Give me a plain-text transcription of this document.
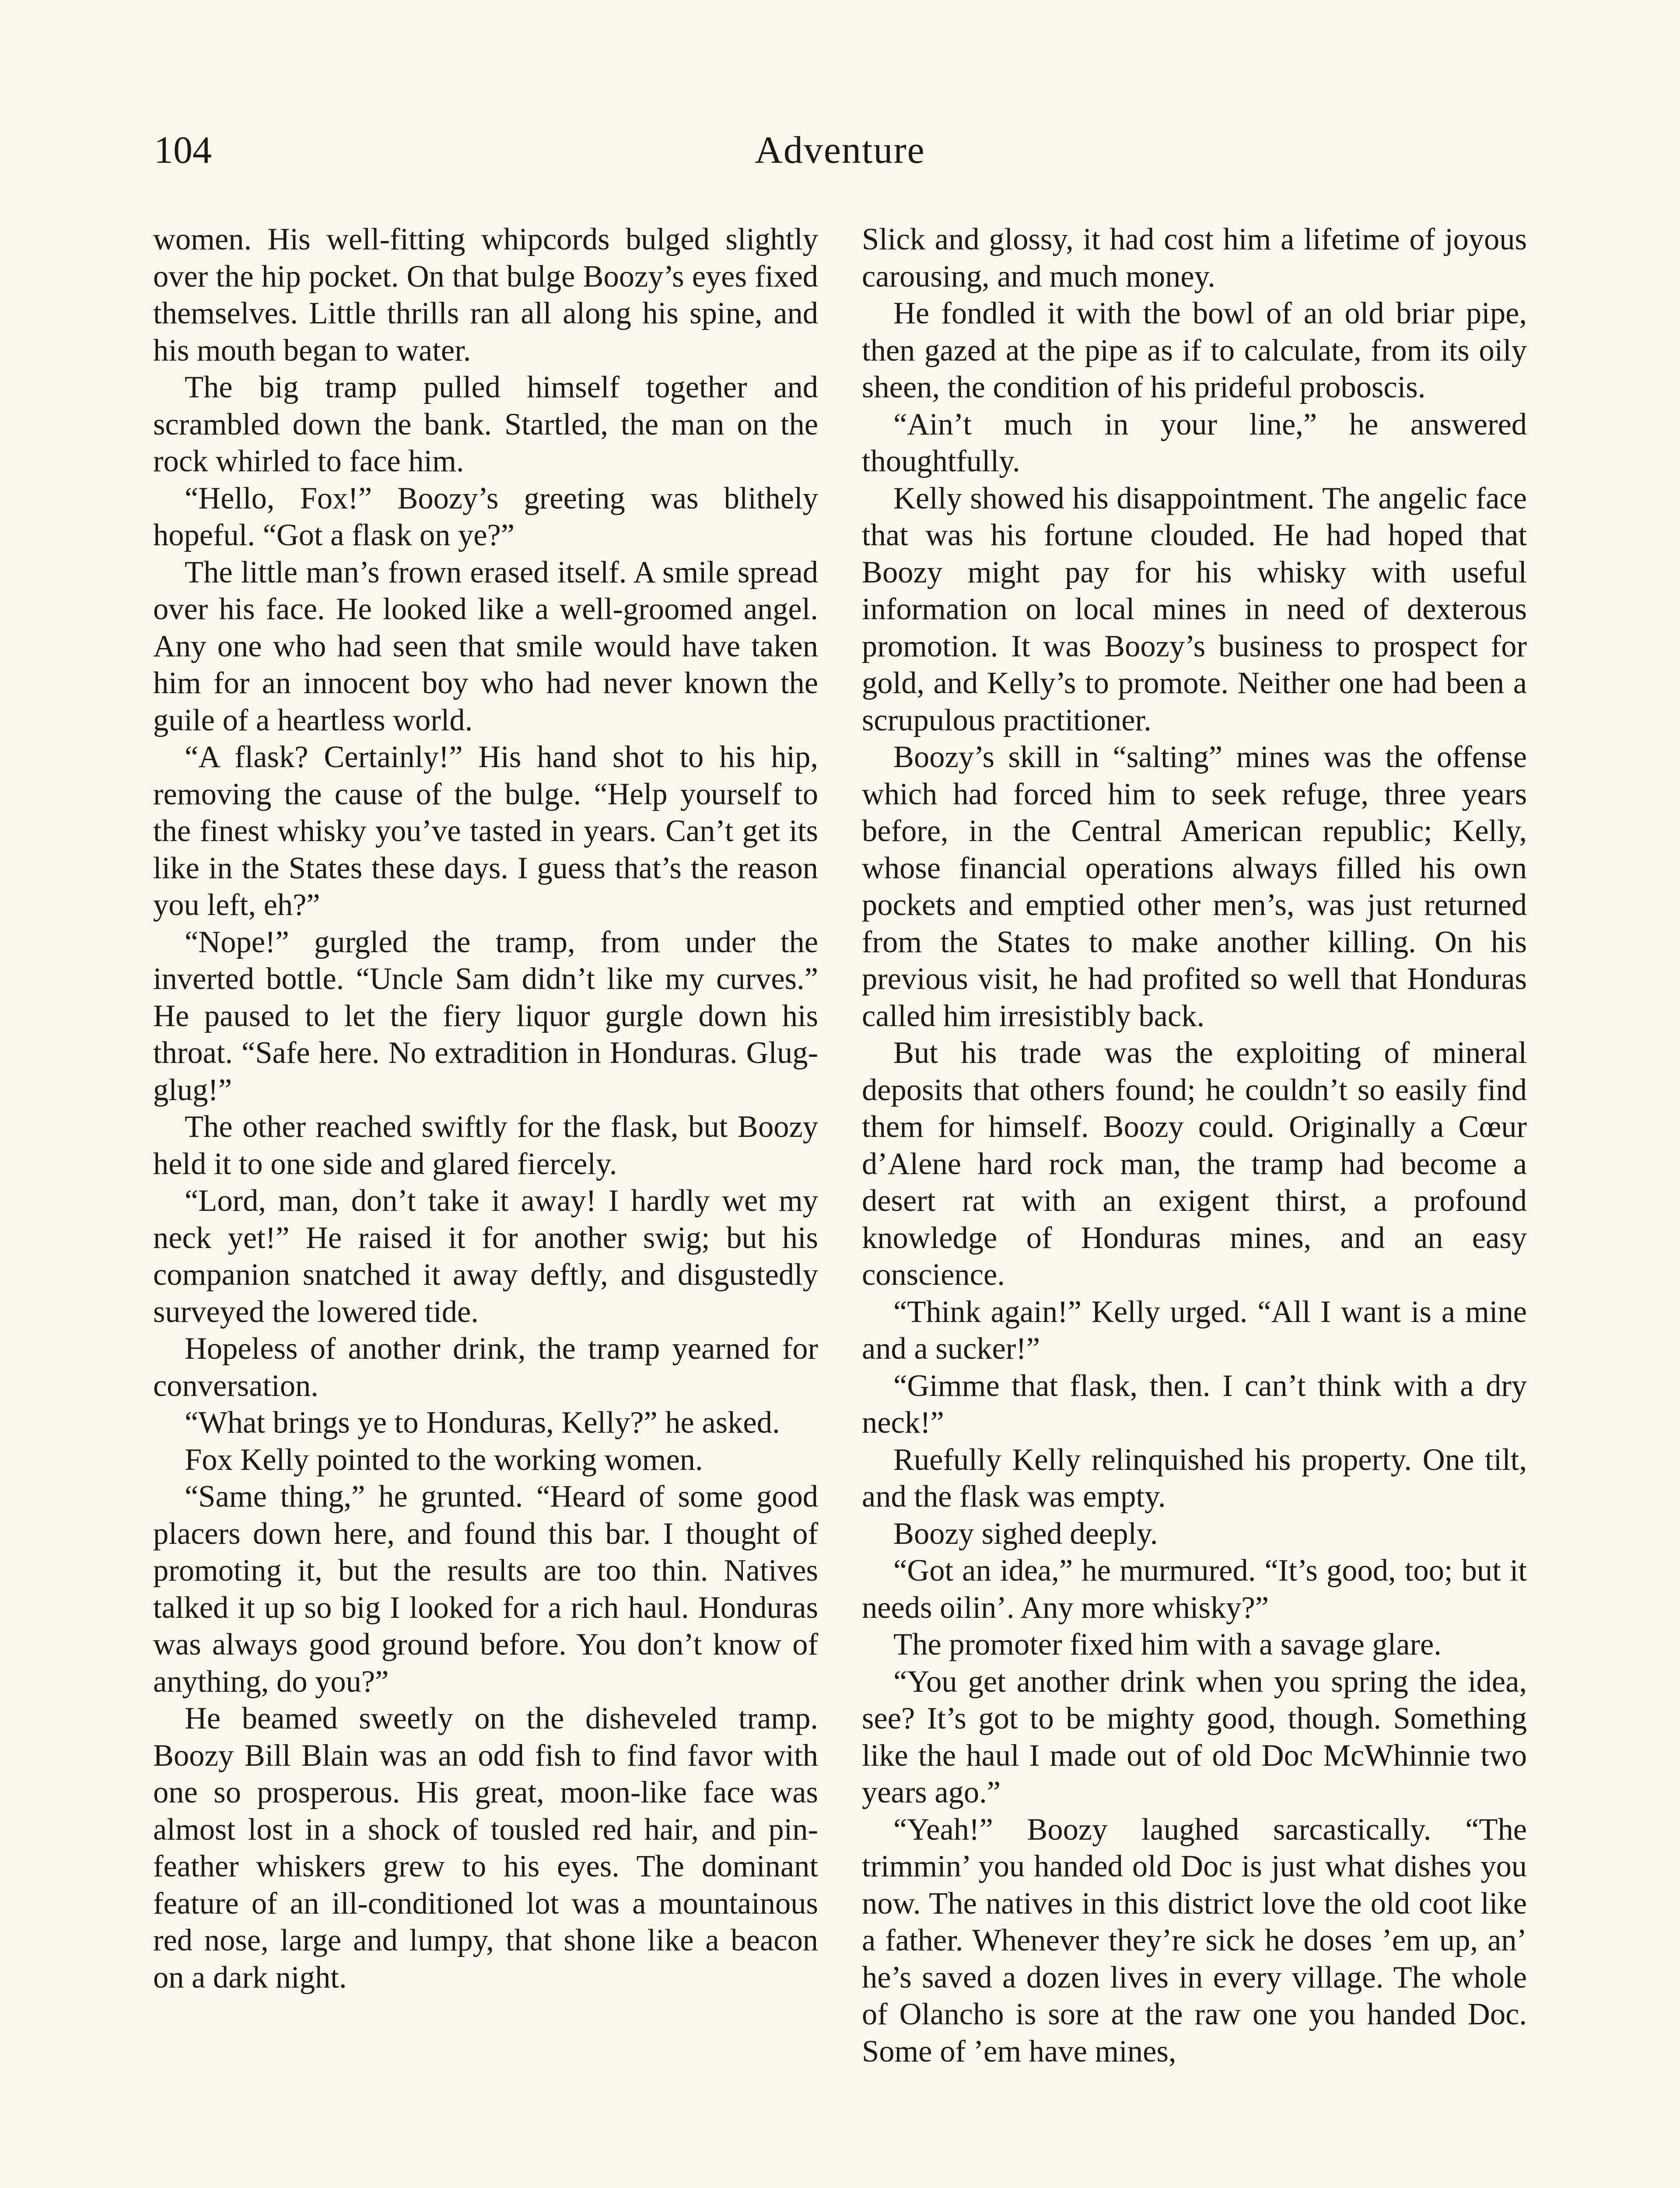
104	Adventure

women. His well-fitting whipcords bulged slightly over the hip pocket. On that bulge Boozy’s eyes fixed themselves. Little thrills ran all along his spine, and his mouth began to water.

The big tramp pulled himself together and scrambled down the bank. Startled, the man on the rock whirled to face him.

“Hello, Fox!” Boozy’s greeting was blithely hopeful. “Got a flask on ye?”

The little man’s frown erased itself. A smile spread over his face. He looked like a well-groomed angel. Any one who had seen that smile would have taken him for an innocent boy who had never known the guile of a heartless world.

“A flask? Certainly!” His hand shot to his hip, removing the cause of the bulge. “Help yourself to the finest whisky you’ve tasted in years. Can’t get its like in the States these days. I guess that’s the reason you left, eh?”

“Nope!” gurgled the tramp, from under the inverted bottle. “Uncle Sam didn’t like my curves.” He paused to let the fiery liquor gurgle down his throat. “Safe here. No extradition in Honduras. Glug-glug!”

The other reached swiftly for the flask, but Boozy held it to one side and glared fiercely.

“Lord, man, don’t take it away! I hardly wet my neck yet!” He raised it for another swig; but his companion snatched it away deftly, and disgustedly surveyed the lowered tide.

Hopeless of another drink, the tramp yearned for conversation.

“What brings ye to Honduras, Kelly?” he asked.

Fox Kelly pointed to the working women.

“Same thing,” he grunted. “Heard of some good placers down here, and found this bar. I thought of promoting it, but the results are too thin. Natives talked it up so big I looked for a rich haul. Honduras was always good ground before. You don’t know of anything, do you?”

He beamed sweetly on the disheveled tramp. Boozy Bill Blain was an odd fish to find favor with one so prosperous. His great, moon-like face was almost lost in a shock of tousled red hair, and pin-feather whiskers grew to his eyes. The dominant feature of an ill-conditioned lot was a mountainous red nose, large and lumpy, that shone like a beacon on a dark night.

Slick and glossy, it had cost him a lifetime of joyous carousing, and much money.

He fondled it with the bowl of an old briar pipe, then gazed at the pipe as if to calculate, from its oily sheen, the condition of his prideful proboscis.

“Ain’t much in your line,” he answered thoughtfully.

Kelly showed his disappointment. The angelic face that was his fortune clouded. He had hoped that Boozy might pay for his whisky with useful information on local mines in need of dexterous promotion. It was Boozy’s business to prospect for gold, and Kelly’s to promote. Neither one had been a scrupulous practitioner.

Boozy’s skill in “salting” mines was the offense which had forced him to seek refuge, three years before, in the Central American republic; Kelly, whose financial operations always filled his own pockets and emptied other men’s, was just returned from the States to make another killing. On his previous visit, he had profited so well that Honduras called him irresistibly back.

But his trade was the exploiting of mineral deposits that others found; he couldn’t so easily find them for himself. Boozy could. Originally a Cœur d’Alene hard rock man, the tramp had become a desert rat with an exigent thirst, a profound knowledge of Honduras mines, and an easy conscience.

“Think again!” Kelly urged. “All I want is a mine and a sucker!”

“Gimme that flask, then. I can’t think with a dry neck!”

Ruefully Kelly relinquished his property. One tilt, and the flask was empty.

Boozy sighed deeply.

“Got an idea,” he murmured. “It’s good, too; but it needs oilin’. Any more whisky?”

The promoter fixed him with a savage glare.

“You get another drink when you spring the idea, see? It’s got to be mighty good, though. Something like the haul I made out of old Doc McWhinnie two years ago.”

“Yeah!” Boozy laughed sarcastically. “The trimmin’ you handed old Doc is just what dishes you now. The natives in this district love the old coot like a father. Whenever they’re sick he doses ’em up, an’ he’s saved a dozen lives in every village. The whole of Olancho is sore at the raw one you handed Doc. Some of ’em have mines,
